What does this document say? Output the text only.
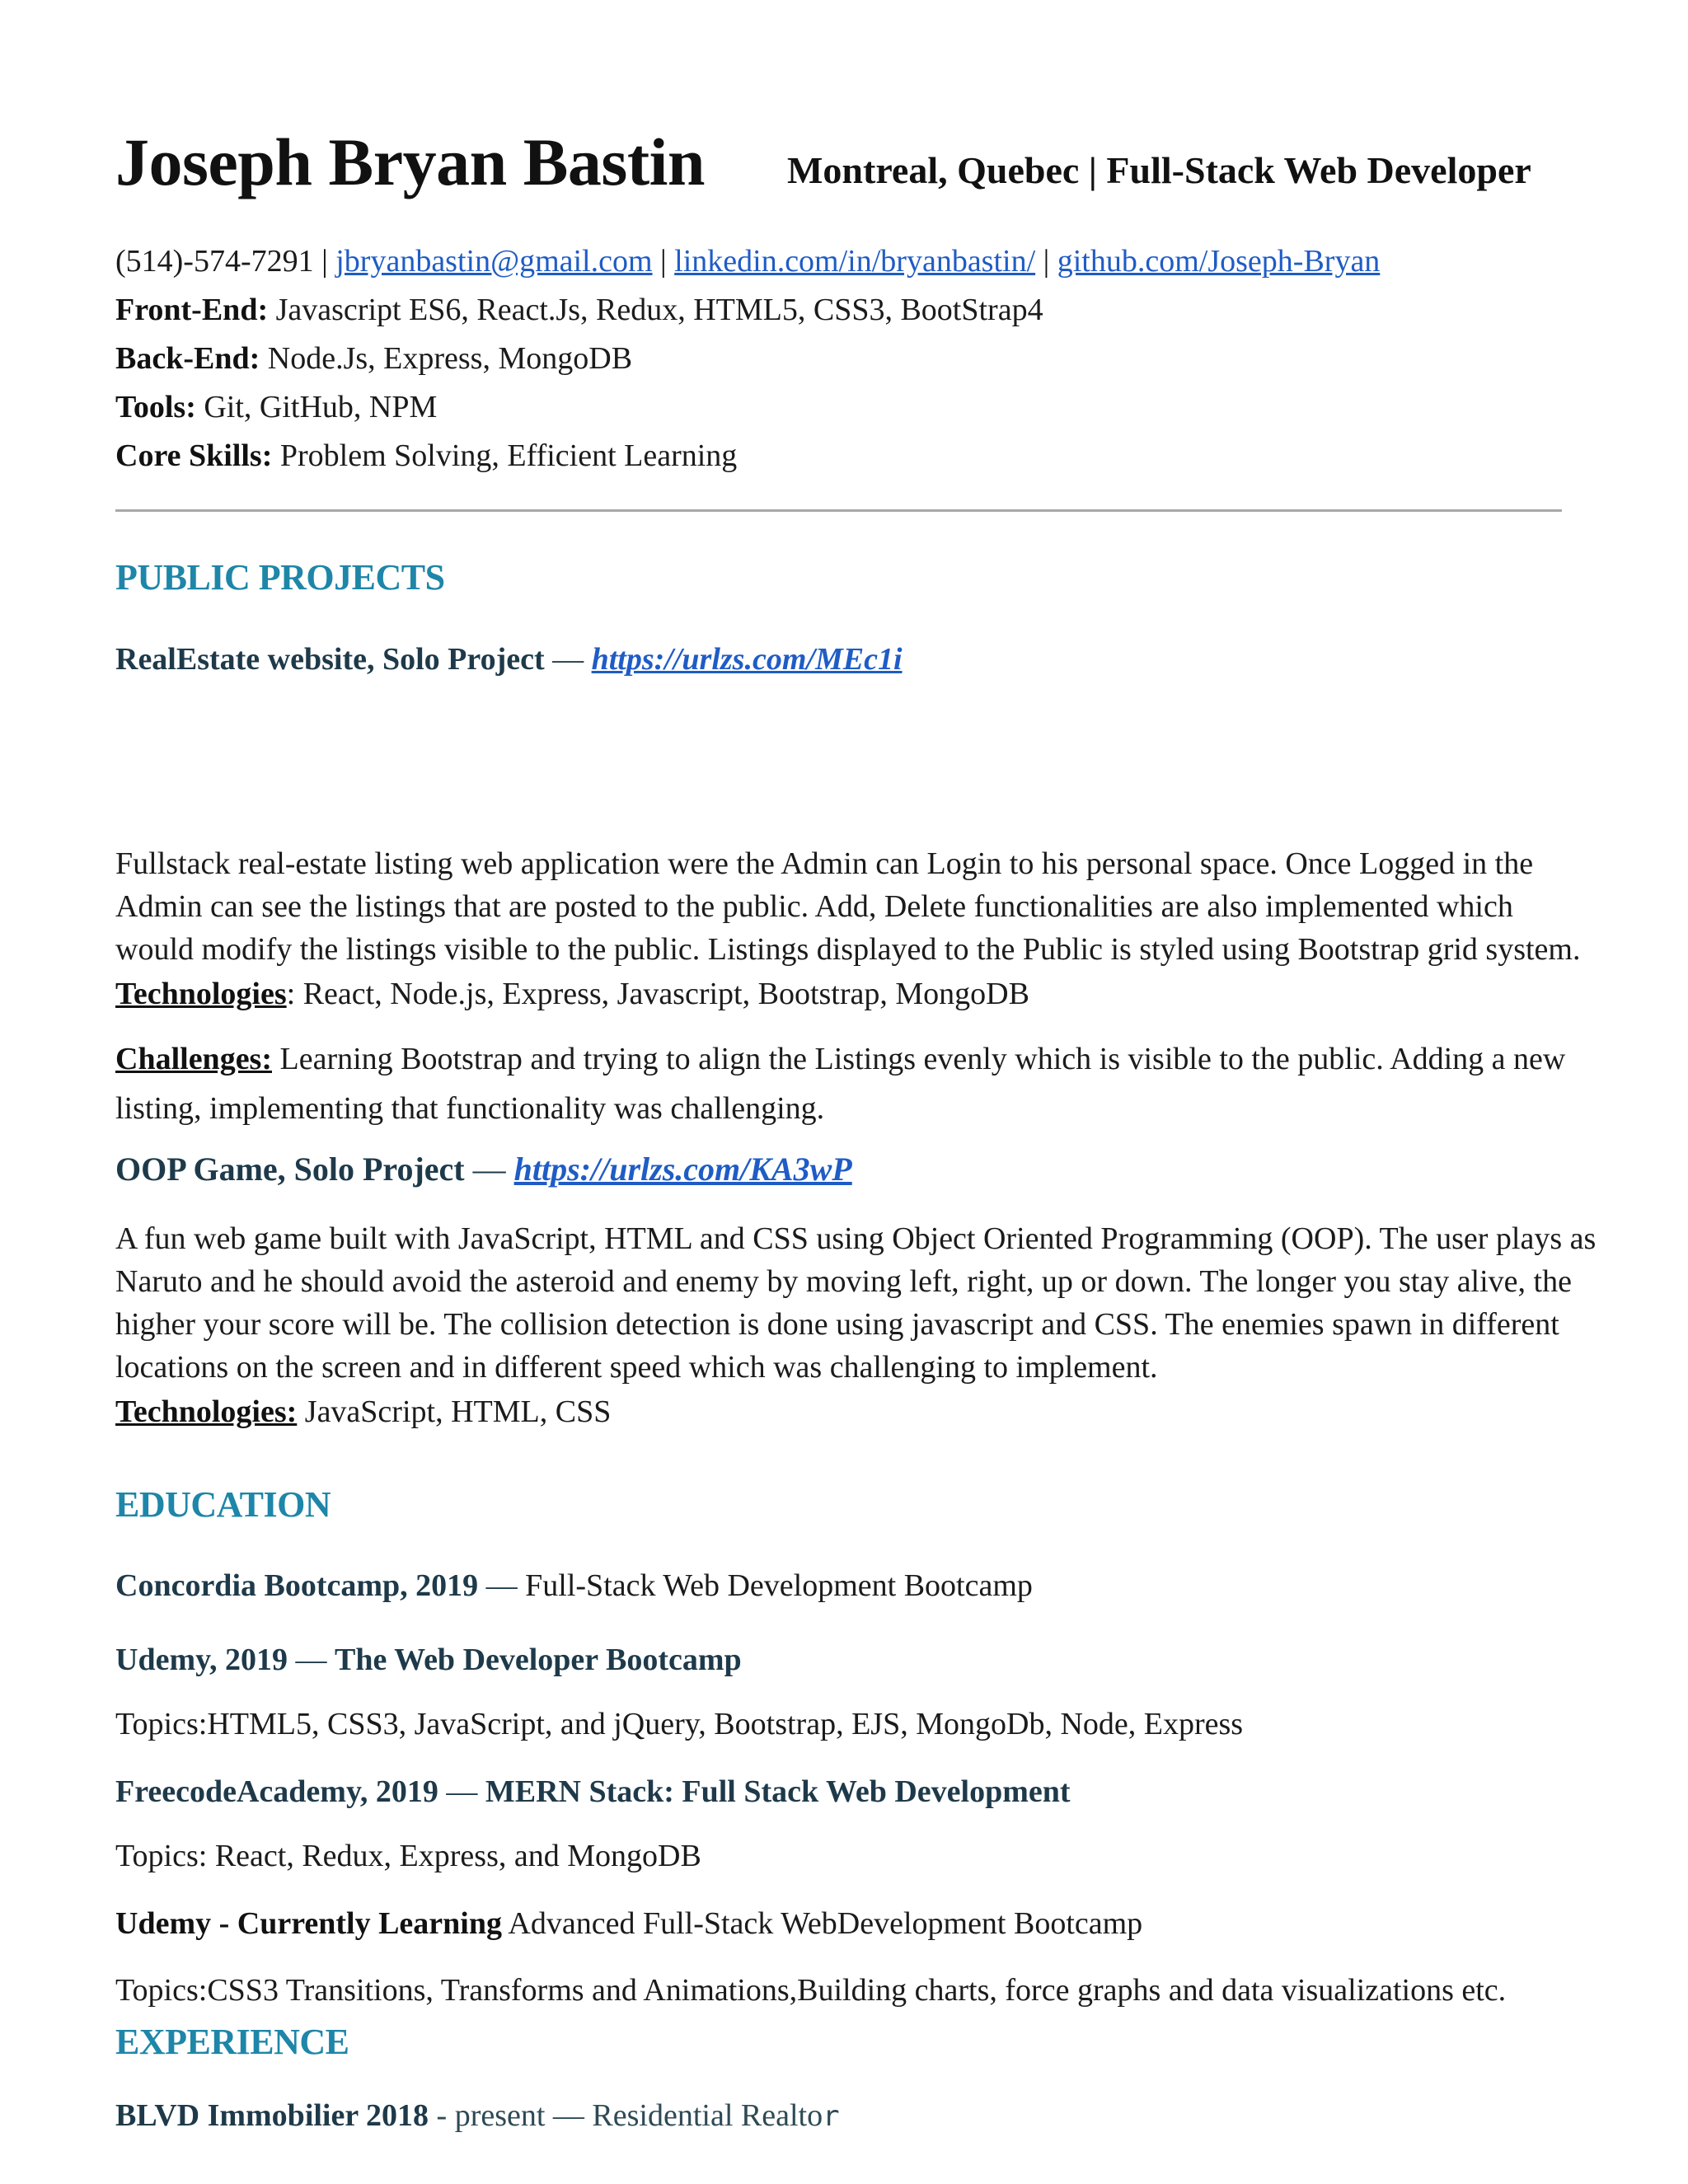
Joseph Bryan Bastin Montreal, Quebec | Full-Stack Web Developer
(514)-574-7291 | jbryanbastin@gmail.com | linkedin.com/in/bryanbastin/ | github.com/Joseph-Bryan
Front-End: Javascript ES6, React.Js, Redux, HTML5, CSS3, BootStrap4
Back-End: Node.Js, Express, MongoDB
Tools: Git, GitHub, NPM
Core Skills: Problem Solving, Efficient Learning
PUBLIC PROJECTS
RealEstate website, Solo Project — https://urlzs.com/MEc1i
Fullstack real-estate listing web application were the Admin can Login to his personal space. Once Logged in the Admin can see the listings that are posted to the public. Add, Delete functionalities are also implemented which would modify the listings visible to the public. Listings displayed to the Public is styled using Bootstrap grid system.
Technologies: React, Node.js, Express, Javascript, Bootstrap, MongoDB
Challenges: Learning Bootstrap and trying to align the Listings evenly which is visible to the public. Adding a new listing, implementing that functionality was challenging.
OOP Game, Solo Project — https://urlzs.com/KA3wP
A fun web game built with JavaScript, HTML and CSS using Object Oriented Programming (OOP). The user plays as Naruto and he should avoid the asteroid and enemy by moving left, right, up or down. The longer you stay alive, the higher your score will be. The collision detection is done using javascript and CSS. The enemies spawn in different locations on the screen and in different speed which was challenging to implement.
Technologies: JavaScript, HTML, CSS
EDUCATION
Concordia Bootcamp, 2019 — Full-Stack Web Development Bootcamp
Udemy, 2019 — The Web Developer Bootcamp
Topics:HTML5, CSS3, JavaScript, and jQuery, Bootstrap, EJS, MongoDb, Node, Express
FreecodeAcademy, 2019 — MERN Stack: Full Stack Web Development
Topics: React, Redux, Express, and MongoDB
Udemy - Currently Learning Advanced Full-Stack WebDevelopment Bootcamp
Topics:CSS3 Transitions, Transforms and Animations,Building charts, force graphs and data visualizations etc.
EXPERIENCE
BLVD Immobilier 2018 - present — Residential Realtor
